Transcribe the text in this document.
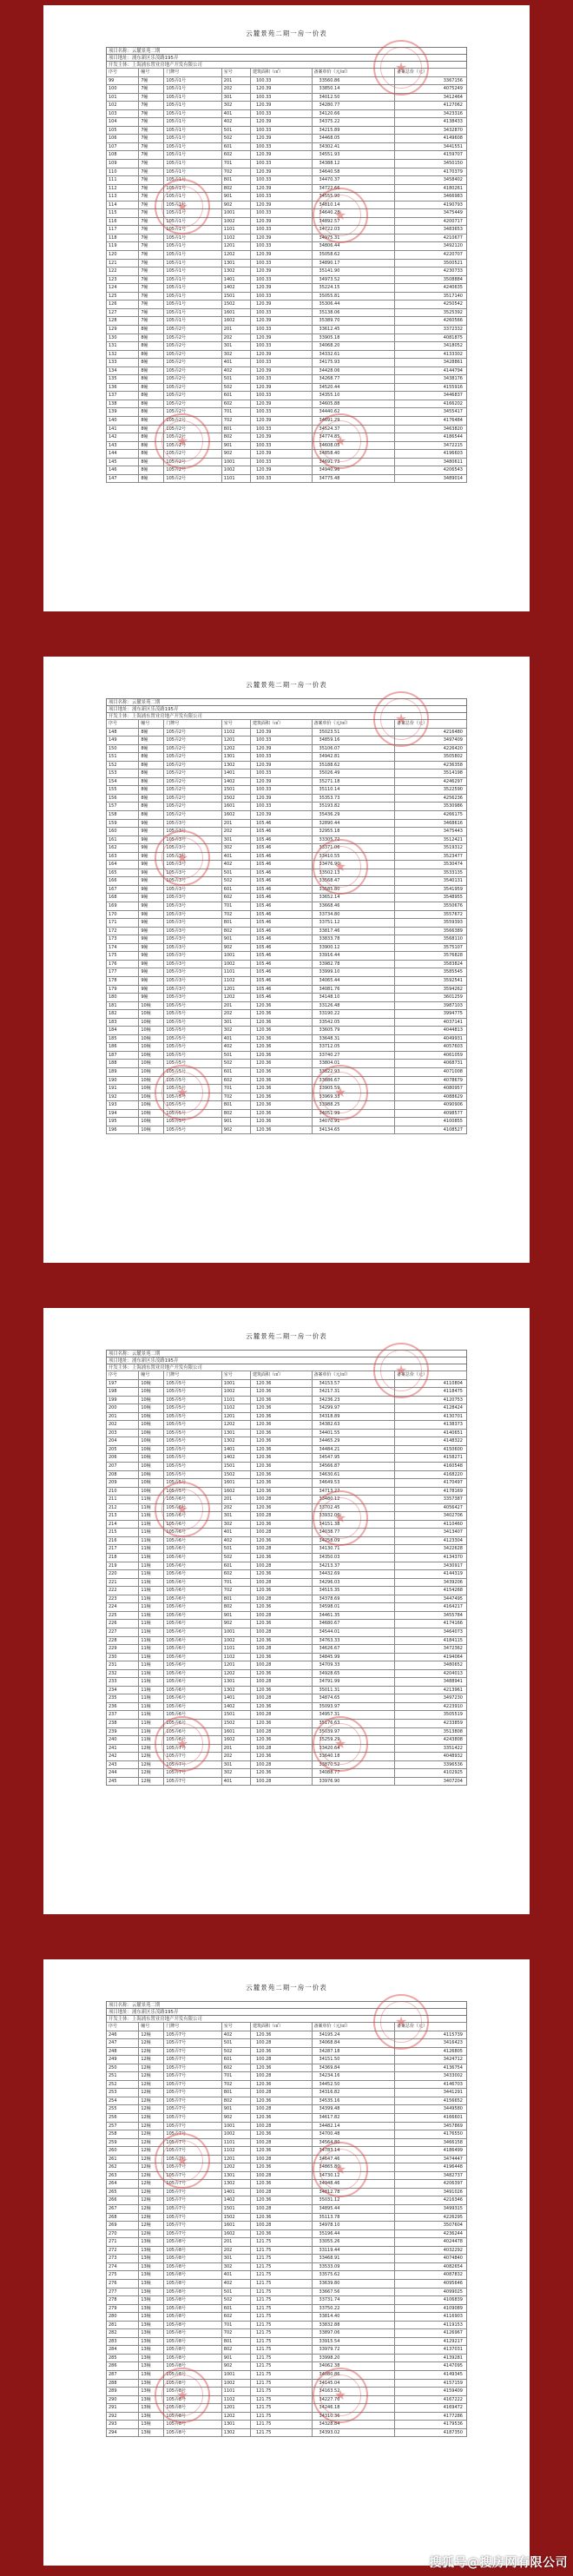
云麓景苑二期一房一价表
项目名称：云麓景苑二期
项目地址：浦东新区乐茂路195弄
开发主体：上海浦东置业房地产开发有限公司
序号	幢号	门牌号	室号	建筑面积（㎡）	备案单价（元/㎡）	备案总价（元）
99	7幢	105弄1号	201	100.33	33560.86	3367156
100	7幢	105弄1号	202	120.39	33850.14	4075249
101	7幢	105弄1号	301	100.33	34012.50	3412464
102	7幢	105弄1号	302	120.39	34280.77	4127062
103	7幢	105弄1号	401	100.33	34120.66	3423316
104	7幢	105弄1号	402	120.39	34375.22	4138433
105	7幢	105弄1号	501	100.33	34215.89	3432870
106	7幢	105弄1号	502	120.39	34468.05	4149608
107	7幢	105弄1号	601	100.33	34302.41	3441551
108	7幢	105弄1号	602	120.39	34551.93	4159707
109	7幢	105弄1号	701	100.33	34388.12	3450150
110	7幢	105弄1号	702	120.39	34640.58	4170379
111	7幢	105弄1号	801	100.33	34470.37	3458402
112	7幢	105弄1号	802	120.39	34722.66	4180261
113	7幢	105弄1号	901	100.33	34555.90	3466983
114	7幢	105弄1号	902	120.39	34810.14	4190793
115	7幢	105弄1号	1001	100.33	34640.28	3475449
116	7幢	105弄1号	1002	120.39	34892.57	4200717
117	7幢	105弄1号	1101	100.33	34722.03	3483653
118	7幢	105弄1号	1102	120.39	34975.31	4210677
119	7幢	105弄1号	1201	100.33	34806.44	3492120
120	7幢	105弄1号	1202	120.39	35058.62	4220707
121	7幢	105弄1号	1301	100.33	34890.17	3500521
122	7幢	105弄1号	1302	120.39	35141.90	4230733
123	7幢	105弄1号	1401	100.33	34973.52	3508884
124	7幢	105弄1号	1402	120.39	35224.15	4240635
125	7幢	105弄1号	1501	100.33	35055.81	3517140
126	7幢	105弄1号	1502	120.39	35306.44	4250542
127	7幢	105弄1号	1601	100.33	35138.06	3525392
128	7幢	105弄1号	1602	120.39	35389.70	4260566
129	8幢	105弄2号	201	100.33	33612.45	3372332
130	8幢	105弄2号	202	120.39	33905.18	4081875
131	8幢	105弄2号	301	100.33	34068.20	3418052
132	8幢	105弄2号	302	120.39	34332.61	4133302
133	8幢	105弄2号	401	100.33	34175.93	3428861
134	8幢	105弄2号	402	120.39	34428.06	4144794
135	8幢	105弄2号	501	100.33	34268.77	3438176
136	8幢	105弄2号	502	120.39	34520.44	4155916
137	8幢	105弄2号	601	100.33	34355.10	3446837
138	8幢	105弄2号	602	120.39	34605.88	4166202
139	8幢	105弄2号	701	100.33	34440.62	3455417
140	8幢	105弄2号	702	120.39	34691.29	4176484
141	8幢	105弄2号	801	100.33	34524.37	3463820
142	8幢	105弄2号	802	120.39	34774.85	4186544
143	8幢	105弄2号	901	100.33	34608.05	3472215
144	8幢	105弄2号	902	120.39	34858.40	4196603
145	8幢	105弄2号	1001	100.33	34691.73	3480611
146	8幢	105弄2号	1002	120.39	34940.96	4206543
147	8幢	105弄2号	1101	100.33	34775.48	3489014
★
★
★
★
★
云麓景苑二期一房一价表
项目名称：云麓景苑二期
项目地址：浦东新区乐茂路195弄
开发主体：上海浦东置业房地产开发有限公司
序号	幢号	门牌号	室号	建筑面积（㎡）	备案单价（元/㎡）	备案总价（元）
148	8幢	105弄2号	1102	120.39	35023.51	4216480
149	8幢	105弄2号	1201	100.33	34859.16	3497409
150	8幢	105弄2号	1202	120.39	35106.07	4226420
151	8幢	105弄2号	1301	100.33	34942.81	3505802
152	8幢	105弄2号	1302	120.39	35188.62	4236358
153	8幢	105弄2号	1401	100.33	35026.49	3514198
154	8幢	105弄2号	1402	120.39	35271.18	4246297
155	8幢	105弄2号	1501	100.33	35110.14	3522590
156	8幢	105弄2号	1502	120.39	35353.73	4256236
157	8幢	105弄2号	1601	100.33	35193.82	3530986
158	8幢	105弄2号	1602	120.39	35436.29	4266175
159	9幢	105弄3号	201	105.46	32890.44	3468616
160	9幢	105弄3号	202	105.46	32955.18	3475443
161	9幢	105弄3号	301	105.46	33305.72	3512421
162	9幢	105弄3号	302	105.46	33371.06	3519312
163	9幢	105弄3号	401	105.46	33410.55	3523477
164	9幢	105弄3号	402	105.46	33476.90	3530474
165	9幢	105弄3号	501	105.46	33502.13	3533135
166	9幢	105弄3号	502	105.46	33568.47	3540131
167	9幢	105弄3号	601	105.46	33585.80	3541959
168	9幢	105弄3号	602	105.46	33652.14	3548955
169	9幢	105弄3号	701	105.46	33668.46	3550676
170	9幢	105弄3号	702	105.46	33734.80	3557672
171	9幢	105弄3号	801	105.46	33751.12	3559393
172	9幢	105弄3号	802	105.46	33817.46	3566389
173	9幢	105弄3号	901	105.46	33833.78	3568110
174	9幢	105弄3号	902	105.46	33900.12	3575107
175	9幢	105弄3号	1001	105.46	33916.44	3576828
176	9幢	105弄3号	1002	105.46	33982.78	3583824
177	9幢	105弄3号	1101	105.46	33999.10	3585545
178	9幢	105弄3号	1102	105.46	34065.44	3592541
179	9幢	105弄3号	1201	105.46	34081.76	3594262
180	9幢	105弄3号	1202	105.46	34148.10	3601259
181	10幢	105弄5号	201	120.36	33126.48	3987103
182	10幢	105弄5号	202	120.36	33190.22	3994775
183	10幢	105弄5号	301	120.36	33542.05	4037141
184	10幢	105弄5号	302	120.36	33605.79	4044813
185	10幢	105弄5号	401	120.36	33648.31	4049931
186	10幢	105弄5号	402	120.36	33712.05	4057603
187	10幢	105弄5号	501	120.36	33740.27	4061059
188	10幢	105弄5号	502	120.36	33804.01	4068731
189	10幢	105弄5号	601	120.36	33822.93	4071008
190	10幢	105弄5号	602	120.36	33886.67	4078679
191	10幢	105弄5号	701	120.36	33905.59	4080957
192	10幢	105弄5号	702	120.36	33969.33	4088629
193	10幢	105弄5号	801	120.36	33988.25	4090906
194	10幢	105弄5号	802	120.36	34051.99	4098577
195	10幢	105弄5号	901	120.36	34070.91	4100855
196	10幢	105弄5号	902	120.36	34134.65	4108527
★
★
★
★
★
云麓景苑二期一房一价表
项目名称：云麓景苑二期
项目地址：浦东新区乐茂路195弄
开发主体：上海浦东置业房地产开发有限公司
序号	幢号	门牌号	室号	建筑面积（㎡）	备案单价（元/㎡）	备案总价（元）
197	10幢	105弄5号	1001	120.36	34153.57	4110804
198	10幢	105弄5号	1002	120.36	34217.31	4118475
199	10幢	105弄5号	1101	120.36	34236.23	4120753
200	10幢	105弄5号	1102	120.36	34299.97	4128424
201	10幢	105弄5号	1201	120.36	34318.89	4130701
202	10幢	105弄5号	1202	120.36	34382.63	4138373
203	10幢	105弄5号	1301	120.36	34401.55	4140651
204	10幢	105弄5号	1302	120.36	34465.29	4148322
205	10幢	105弄5号	1401	120.36	34484.21	4150600
206	10幢	105弄5号	1402	120.36	34547.95	4158271
207	10幢	105弄5号	1501	120.36	34566.87	4160548
208	10幢	105弄5号	1502	120.36	34630.61	4168220
209	10幢	105弄5号	1601	120.36	34649.53	4170497
210	10幢	105弄5号	1602	120.36	34713.27	4178169
211	11幢	105弄6号	201	100.28	33480.12	3357387
212	11幢	105弄6号	202	120.36	33702.45	4056427
213	11幢	105弄6号	301	100.28	33932.06	3402706
214	11幢	105弄6号	302	120.36	34151.38	4110460
215	11幢	105弄6号	401	100.28	34038.77	3413407
216	11幢	105弄6号	402	120.36	34258.09	4123304
217	11幢	105弄6号	501	100.28	34130.71	3422628
218	11幢	105弄6号	502	120.36	34350.03	4134370
219	11幢	105弄6号	601	100.28	34213.37	3430917
220	11幢	105弄6号	602	120.36	34432.69	4144319
221	11幢	105弄6号	701	100.28	34296.03	3439206
222	11幢	105弄6号	702	120.36	34515.35	4154268
223	11幢	105弄6号	801	100.28	34378.69	3447495
224	11幢	105弄6号	802	120.36	34598.01	4164217
225	11幢	105弄6号	901	100.28	34461.35	3455784
226	11幢	105弄6号	902	120.36	34680.67	4174166
227	11幢	105弄6号	1001	100.28	34544.01	3464073
228	11幢	105弄6号	1002	120.36	34763.33	4184115
229	11幢	105弄6号	1101	100.28	34626.67	3472362
230	11幢	105弄6号	1102	120.36	34845.99	4194064
231	11幢	105弄6号	1201	100.28	34709.33	3480652
232	11幢	105弄6号	1202	120.36	34928.65	4204013
233	11幢	105弄6号	1301	100.28	34791.99	3488941
234	11幢	105弄6号	1302	120.36	35011.31	4213961
235	11幢	105弄6号	1401	100.28	34874.65	3497230
236	11幢	105弄6号	1402	120.36	35093.97	4223910
237	11幢	105弄6号	1501	100.28	34957.31	3505519
238	11幢	105弄6号	1502	120.36	35176.63	4233859
239	11幢	105弄6号	1601	100.28	35039.97	3513808
240	11幢	105弄6号	1602	120.36	35259.29	4243808
241	12幢	105弄7号	201	100.28	33420.64	3351422
242	12幢	105弄7号	202	120.36	33640.18	4048932
243	12幢	105弄7号	301	100.28	33870.52	3396536
244	12幢	105弄7号	302	120.36	34088.77	4102925
245	12幢	105弄7号	401	100.28	33976.90	3407204
★
★
★
★
★
云麓景苑二期一房一价表
项目名称：云麓景苑二期
项目地址：浦东新区乐茂路195弄
开发主体：上海浦东置业房地产开发有限公司
序号	幢号	门牌号	室号	建筑面积（㎡）	备案单价（元/㎡）	备案总价（元）
246	12幢	105弄7号	402	120.36	34195.24	4115739
247	12幢	105弄7号	501	100.28	34068.84	3416423
248	12幢	105弄7号	502	120.36	34287.18	4126805
249	12幢	105弄7号	601	100.28	34151.50	3424712
250	12幢	105弄7号	602	120.36	34369.84	4136754
251	12幢	105弄7号	701	100.28	34234.16	3433002
252	12幢	105弄7号	702	120.36	34452.50	4146703
253	12幢	105弄7号	801	100.28	34316.82	3441291
254	12幢	105弄7号	802	120.36	34535.16	4156652
255	12幢	105弄7号	901	100.28	34399.48	3449580
256	12幢	105弄7号	902	120.36	34617.82	4166601
257	12幢	105弄7号	1001	100.28	34482.14	3457869
258	12幢	105弄7号	1002	120.36	34700.48	4176550
259	12幢	105弄7号	1101	100.28	34564.80	3466158
260	12幢	105弄7号	1102	120.36	34783.14	4186499
261	12幢	105弄7号	1201	100.28	34647.46	3474447
262	12幢	105弄7号	1202	120.36	34865.80	4196448
263	12幢	105弄7号	1301	100.28	34730.12	3482737
264	12幢	105弄7号	1302	120.36	34948.46	4206397
265	12幢	105弄7号	1401	100.28	34812.78	3491026
266	12幢	105弄7号	1402	120.36	35031.12	4216346
267	12幢	105弄7号	1501	100.28	34895.44	3499315
268	12幢	105弄7号	1502	120.36	35113.78	4226295
269	12幢	105弄7号	1601	100.28	34978.10	3507604
270	12幢	105弄7号	1602	120.36	35196.44	4236244
271	13幢	105弄8号	201	121.75	33055.26	4024478
272	13幢	105弄8号	202	121.75	33119.44	4032292
273	13幢	105弄8号	301	121.75	33468.91	4074840
274	13幢	105弄8号	302	121.75	33533.09	4082654
275	13幢	105弄8号	401	121.75	33575.62	4087832
276	13幢	105弄8号	402	121.75	33639.80	4095646
277	13幢	105弄8号	501	121.75	33667.56	4099025
278	13幢	105弄8号	502	121.75	33731.74	4106839
279	13幢	105弄8号	601	121.75	33750.22	4109089
280	13幢	105弄8号	602	121.75	33814.40	4116903
281	13幢	105弄8号	701	121.75	33832.88	4119153
282	13幢	105弄8号	702	121.75	33897.06	4126967
283	13幢	105弄8号	801	121.75	33915.54	4129217
284	13幢	105弄8号	802	121.75	33979.72	4137031
285	13幢	105弄8号	901	121.75	33998.20	4139281
286	13幢	105弄8号	902	121.75	34062.38	4147095
287	13幢	105弄8号	1001	121.75	34080.86	4149345
288	13幢	105弄8号	1002	121.75	34145.04	4157159
289	13幢	105弄8号	1101	121.75	34163.52	4159409
290	13幢	105弄8号	1102	121.75	34227.70	4167222
291	13幢	105弄8号	1201	121.75	34246.18	4169472
292	13幢	105弄8号	1202	121.75	34310.36	4177286
293	13幢	105弄8号	1301	121.75	34328.84	4179536
294	13幢	105弄8号	1302	121.75	34393.02	4187350
★
★
★
★
★
搜狐号@搜房网有限公司
